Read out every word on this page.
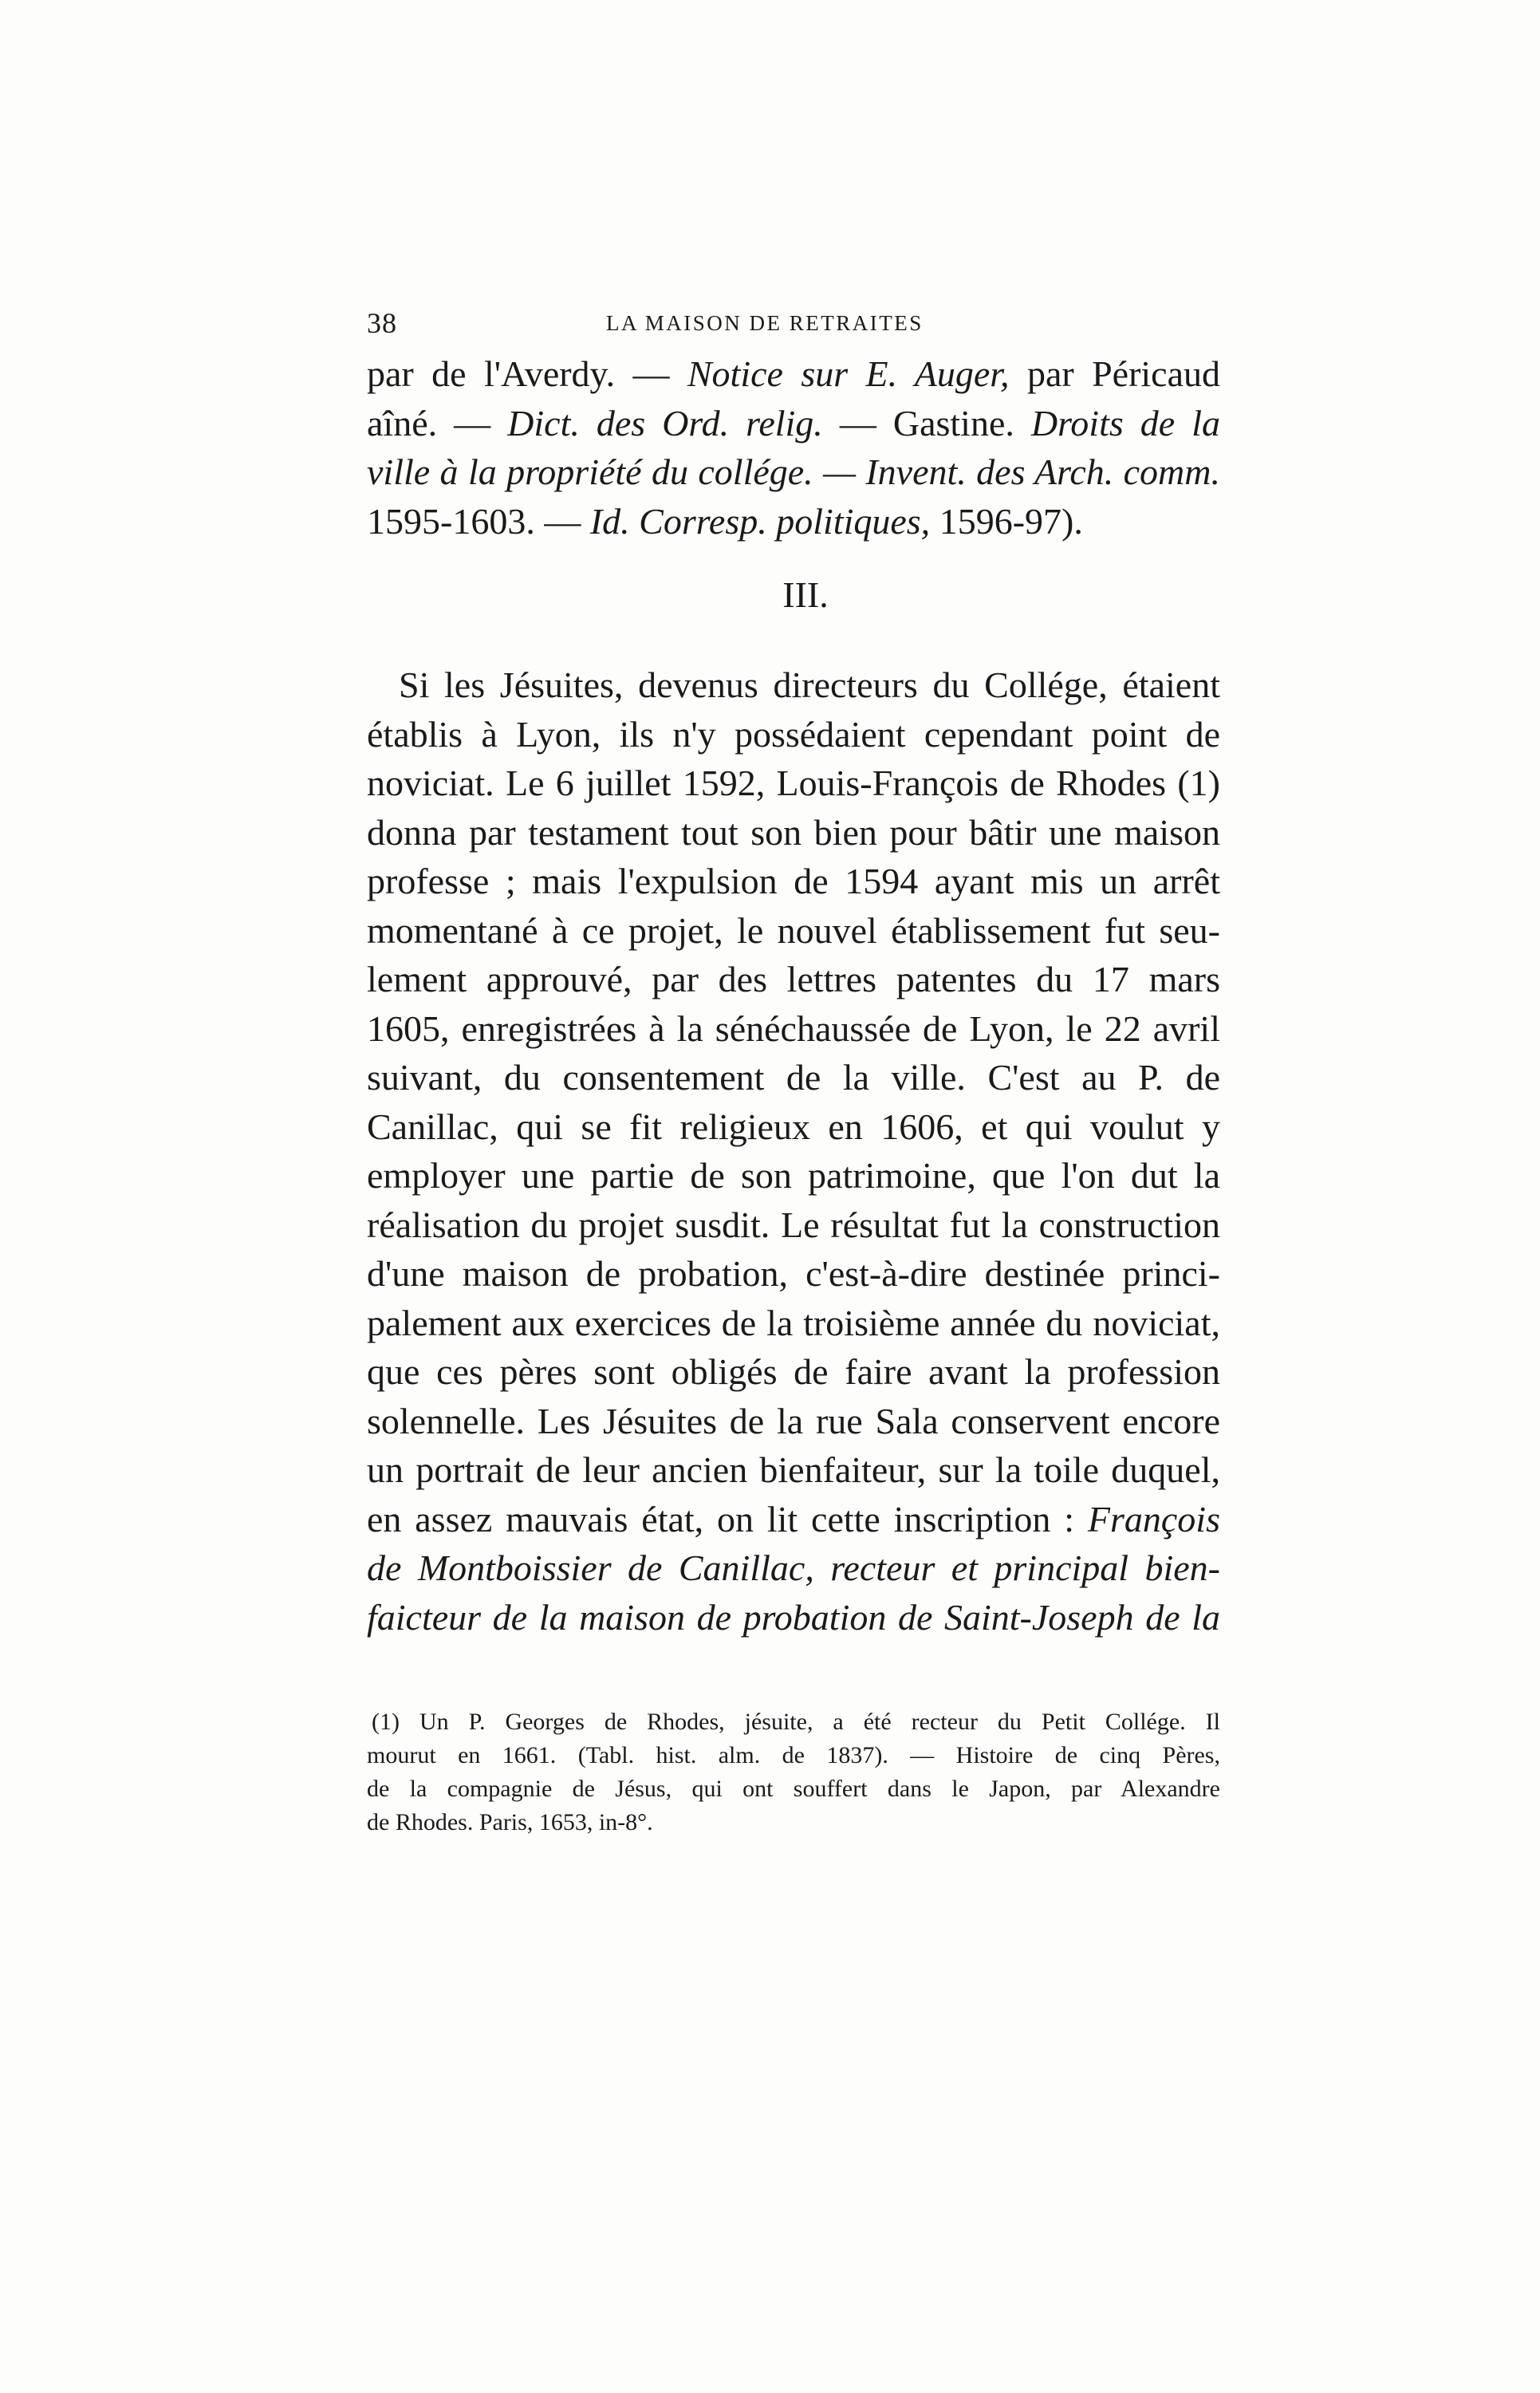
38	LA MAISON DE RETRAITES
par de l'Averdy. — Notice sur E. Auger, par Péricaud
aîné. — Dict. des Ord. relig. — Gastine. Droits de la
ville à la propriété du collége. — Invent. des Arch. comm.
1595-1603. — Id. Corresp. politiques, 1596-97).
III.
Si les Jésuites, devenus directeurs du Collége, étaient
établis à Lyon, ils n'y possédaient cependant point de
noviciat. Le 6 juillet 1592, Louis-François de Rhodes (1)
donna par testament tout son bien pour bâtir une maison
professe ; mais l'expulsion de 1594 ayant mis un arrêt
momentané à ce projet, le nouvel établissement fut seu-
lement approuvé, par des lettres patentes du 17 mars
1605, enregistrées à la sénéchaussée de Lyon, le 22 avril
suivant, du consentement de la ville. C'est au P. de
Canillac, qui se fit religieux en 1606, et qui voulut y
employer une partie de son patrimoine, que l'on dut la
réalisation du projet susdit. Le résultat fut la construction
d'une maison de probation, c'est-à-dire destinée princi-
palement aux exercices de la troisième année du noviciat,
que ces pères sont obligés de faire avant la profession
solennelle. Les Jésuites de la rue Sala conservent encore
un portrait de leur ancien bienfaiteur, sur la toile duquel,
en assez mauvais état, on lit cette inscription : François
de Montboissier de Canillac, recteur et principal bien-
faicteur de la maison de probation de Saint-Joseph de la
(1) Un P. Georges de Rhodes, jésuite, a été recteur du Petit Collége. Il
mourut en 1661. (Tabl. hist. alm. de 1837). — Histoire de cinq Pères,
de la compagnie de Jésus, qui ont souffert dans le Japon, par Alexandre
de Rhodes. Paris, 1653, in-8°.
